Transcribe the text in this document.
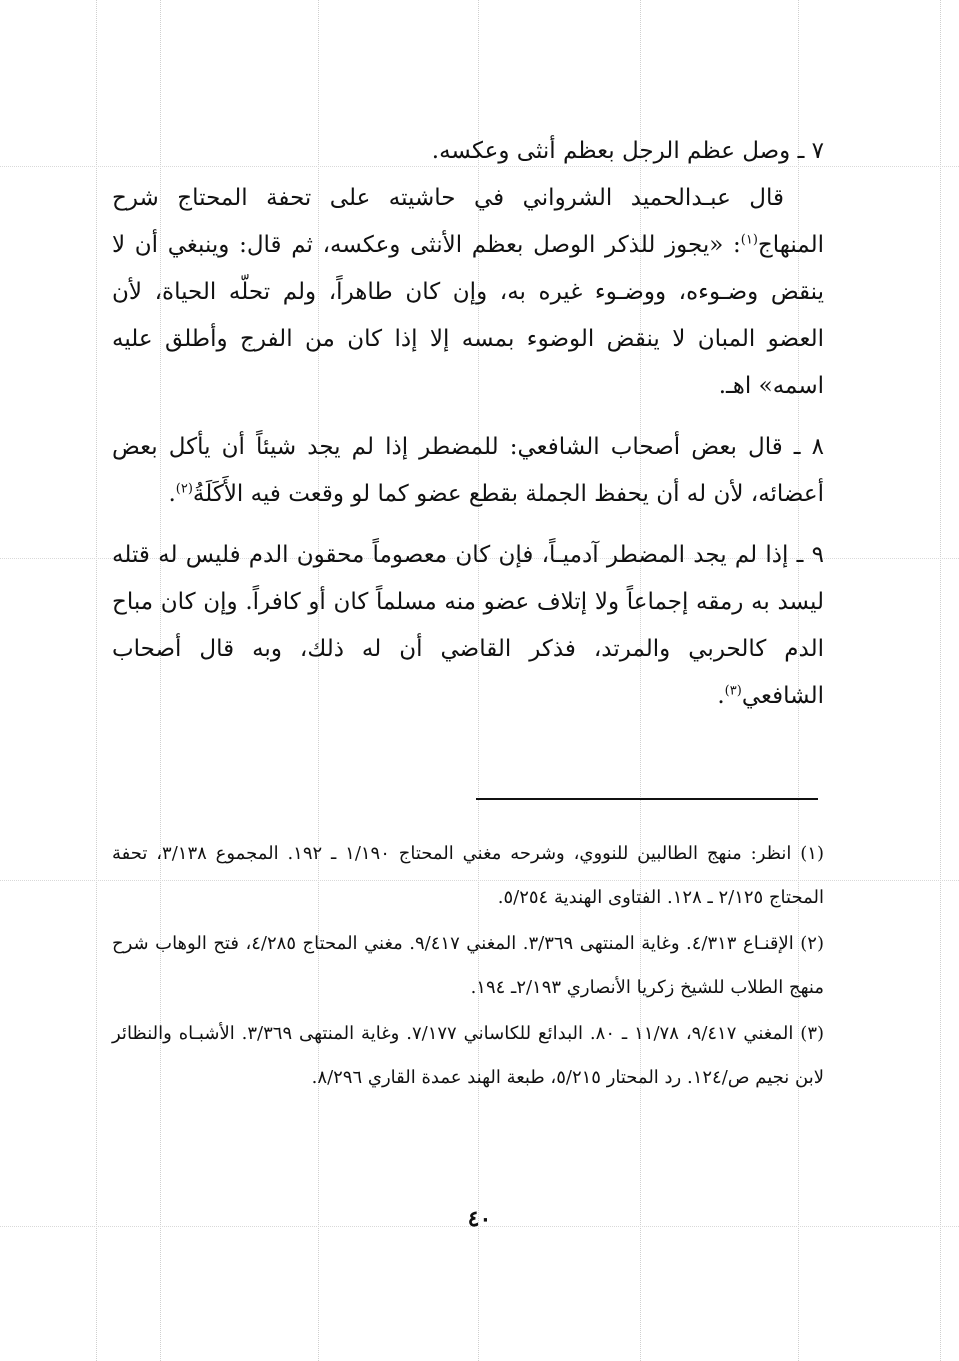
٧ ـ وصل عظم الرجل بعظم أنثى وعكسه.

قال عبـدالحميد الشرواني في حاشيته على تحفة المحتاج شرح المنهاج$^{(١)}$: «يجوز للذكر الوصل بعظم الأنثى وعكسه، ثم قال: وينبغي أن لا ينقض وضـوءه، ووضـوء غيره به، وإن كان طاهراً، ولم تحلّه الحياة، لأن العضو المبان لا ينقض الوضوء بمسه إلا إذا كان من الفرج وأطلق عليه اسمه» اهـ.

٨ ـ قال بعض أصحاب الشافعي: للمضطر إذا لم يجد شيئاً أن يأكل بعض أعضائه، لأن له أن يحفظ الجملة بقطع عضو كما لو وقعت فيه الأَكَلَةُ$^{(٢)}$.

٩ ـ إذا لم يجد المضطر آدميـاً، فإن كان معصوماً محقون الدم فليس له قتله ليسد به رمقه إجماعاً ولا إتلاف عضو منه مسلماً كان أو كافراً. وإن كان مباح الدم كالحربي والمرتد، فذكر القاضي أن له ذلك، وبه قال أصحاب الشافعي$^{(٣)}$.

(١) انظر: منهج الطالبين للنووي، وشرحه مغني المحتاج ١/١٩٠ ـ ١٩٢. المجموع ٣/١٣٨، تحفة المحتاج ٢/١٢٥ ـ ١٢٨. الفتاوى الهندية ٥/٢٥٤.

(٢) الإقنـاع ٤/٣١٣. وغاية المنتهى ٣/٣٦٩. المغني ٩/٤١٧. مغني المحتاج ٤/٢٨٥، فتح الوهاب شرح منهج الطلاب للشيخ زكريا الأنصاري ٢/١٩٣ـ ١٩٤.

(٣) المغني ٩/٤١٧، ١١/٧٨ ـ ٨٠. البدائع للكاساني ٧/١٧٧. وغاية المنتهى ٣/٣٦٩. الأشبـاه والنظائر لابن نجيم ص/١٢٤. رد المحتار ٥/٢١٥، طبعة الهند عمدة القاري ٨/٢٩٦.

٤٠
